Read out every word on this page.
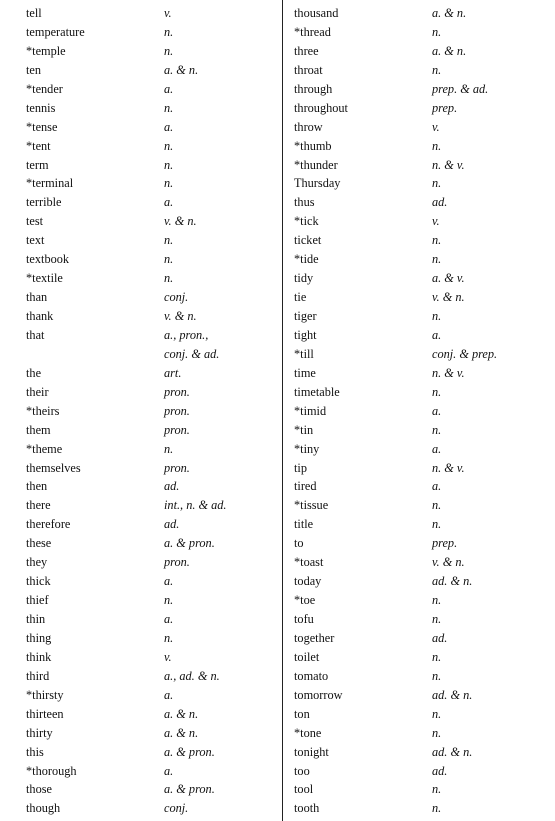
tell	v.
temperature	n.
*temple	n.
ten	a. & n.
*tender	a.
tennis	n.
*tense	a.
*tent	n.
term	n.
*terminal	n.
terrible	a.
test	v. & n.
text	n.
textbook	n.
*textile	n.
than	conj.
thank	v. & n.
that	a., pron.,
conj. & ad.
the	art.
their	pron.
*theirs	pron.
them	pron.
*theme	n.
themselves	pron.
then	ad.
there	int., n. & ad.
therefore	ad.
these	a. & pron.
they	pron.
thick	a.
thief	n.
thin	a.
thing	n.
think	v.
third	a., ad. & n.
*thirsty	a.
thirteen	a. & n.
thirty	a. & n.
this	a. & pron.
*thorough	a.
those	a. & pron.
though	conj.
thousand	a. & n.
*thread	n.
three	a. & n.
throat	n.
through	prep. & ad.
throughout	prep.
throw	v.
*thumb	n.
*thunder	n. & v.
Thursday	n.
thus	ad.
*tick	v.
ticket	n.
*tide	n.
tidy	a. & v.
tie	v. & n.
tiger	n.
tight	a.
*till	conj. & prep.
time	n. & v.
timetable	n.
*timid	a.
*tin	n.
*tiny	a.
tip	n. & v.
tired	a.
*tissue	n.
title	n.
to	prep.
*toast	v. & n.
today	ad. & n.
*toe	n.
tofu	n.
together	ad.
toilet	n.
tomato	n.
tomorrow	ad. & n.
ton	n.
*tone	n.
tonight	ad. & n.
too	ad.
tool	n.
tooth	n.
